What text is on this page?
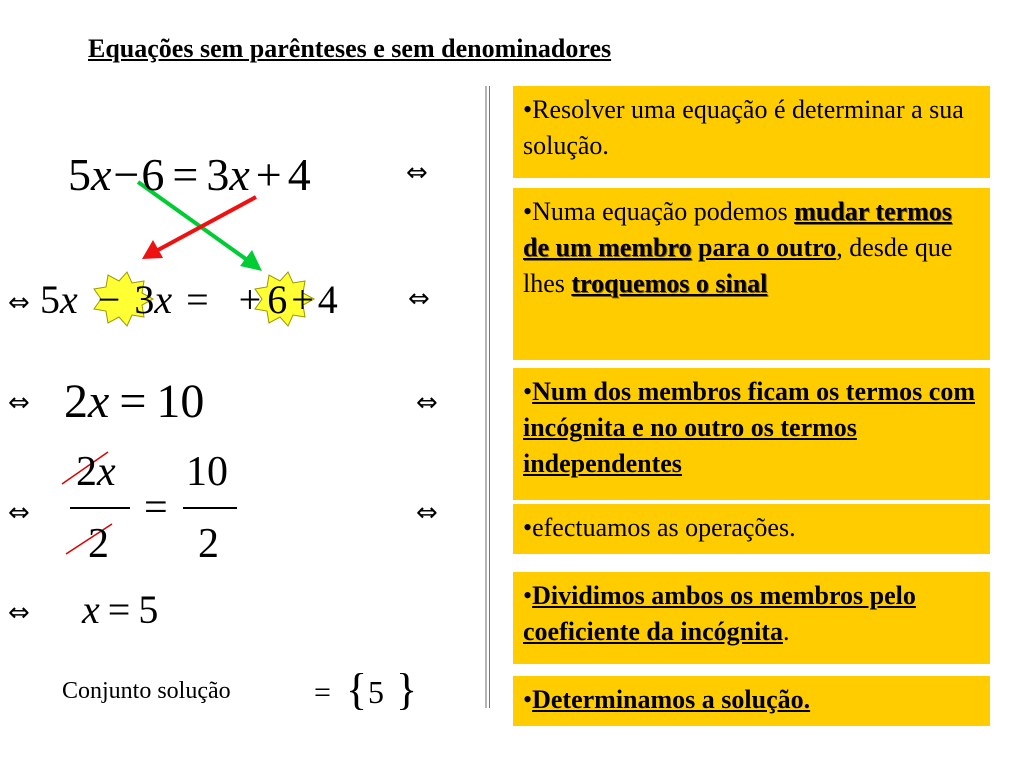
Equações sem parênteses e sem denominadores
5x−6 = 3x + 4	⇔
⇔ 5x − 3x = + 6 + 4	⇔
⇔ 2x = 10	⇔
⇔
2x
2
=
10
2
⇔
⇔ x = 5
Conjunto solução	= { 5 }
•Resolver uma equação é determinar a sua solução.
•Numa equação podemos mudar termos de um membro para o outro, desde que lhes troquemos o sinal
•Num dos membros ficam os termos com incógnita e no outro os termos independentes
•efectuamos as operações.
•Dividimos ambos os membros pelo coeficiente da incógnita.
•Determinamos a solução.
